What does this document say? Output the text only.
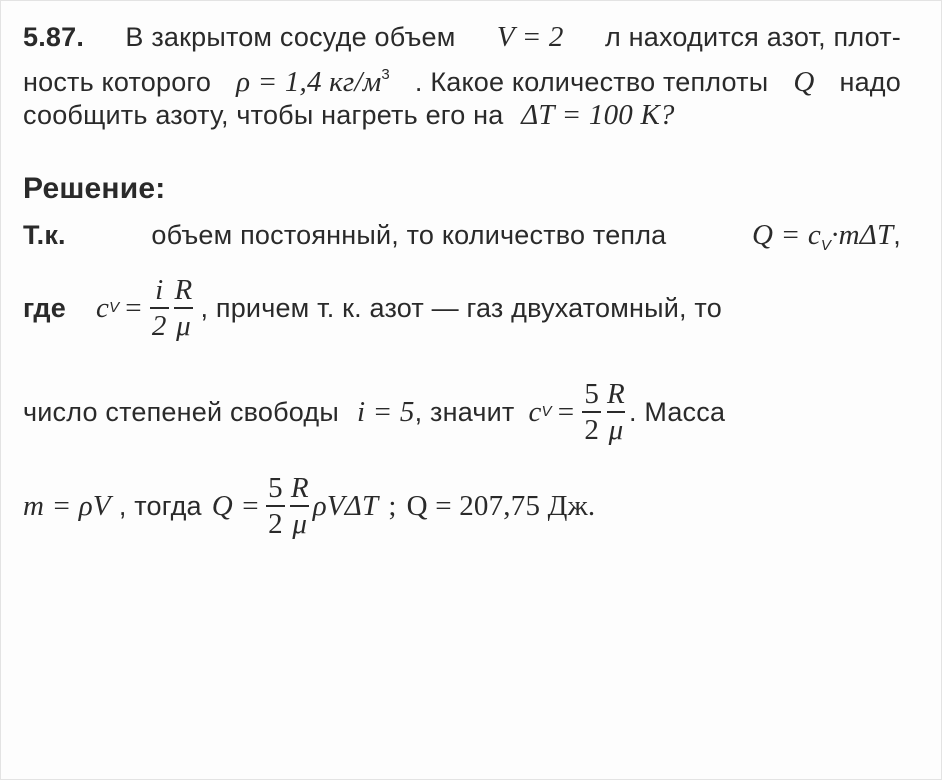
5.87. В закрытом сосуде объем V = 2 л находится азот, плот-
ность которого ρ = 1,4 $кг/м^3$ . Какое количество теплоты Q надо
сообщить азоту, чтобы нагреть его на ΔT = 100 К?
Решение:
Т.к.	объем постоянный, то количество тепла	$Q = c_V\cdot m\Delta T$,
где c $V = \frac{i}{2} \frac{R}{\mu}$ , причем т. к. азот — газ двухатомный, то
число степеней свободы i = 5 , значит c $V = \frac{5}{2} \frac{R}{\mu}$ . Масса
m = ρV , тогда $Q = \frac{5}{2} \frac{R}{\mu}$ ρVΔT ; Q = 207,75 Дж.
